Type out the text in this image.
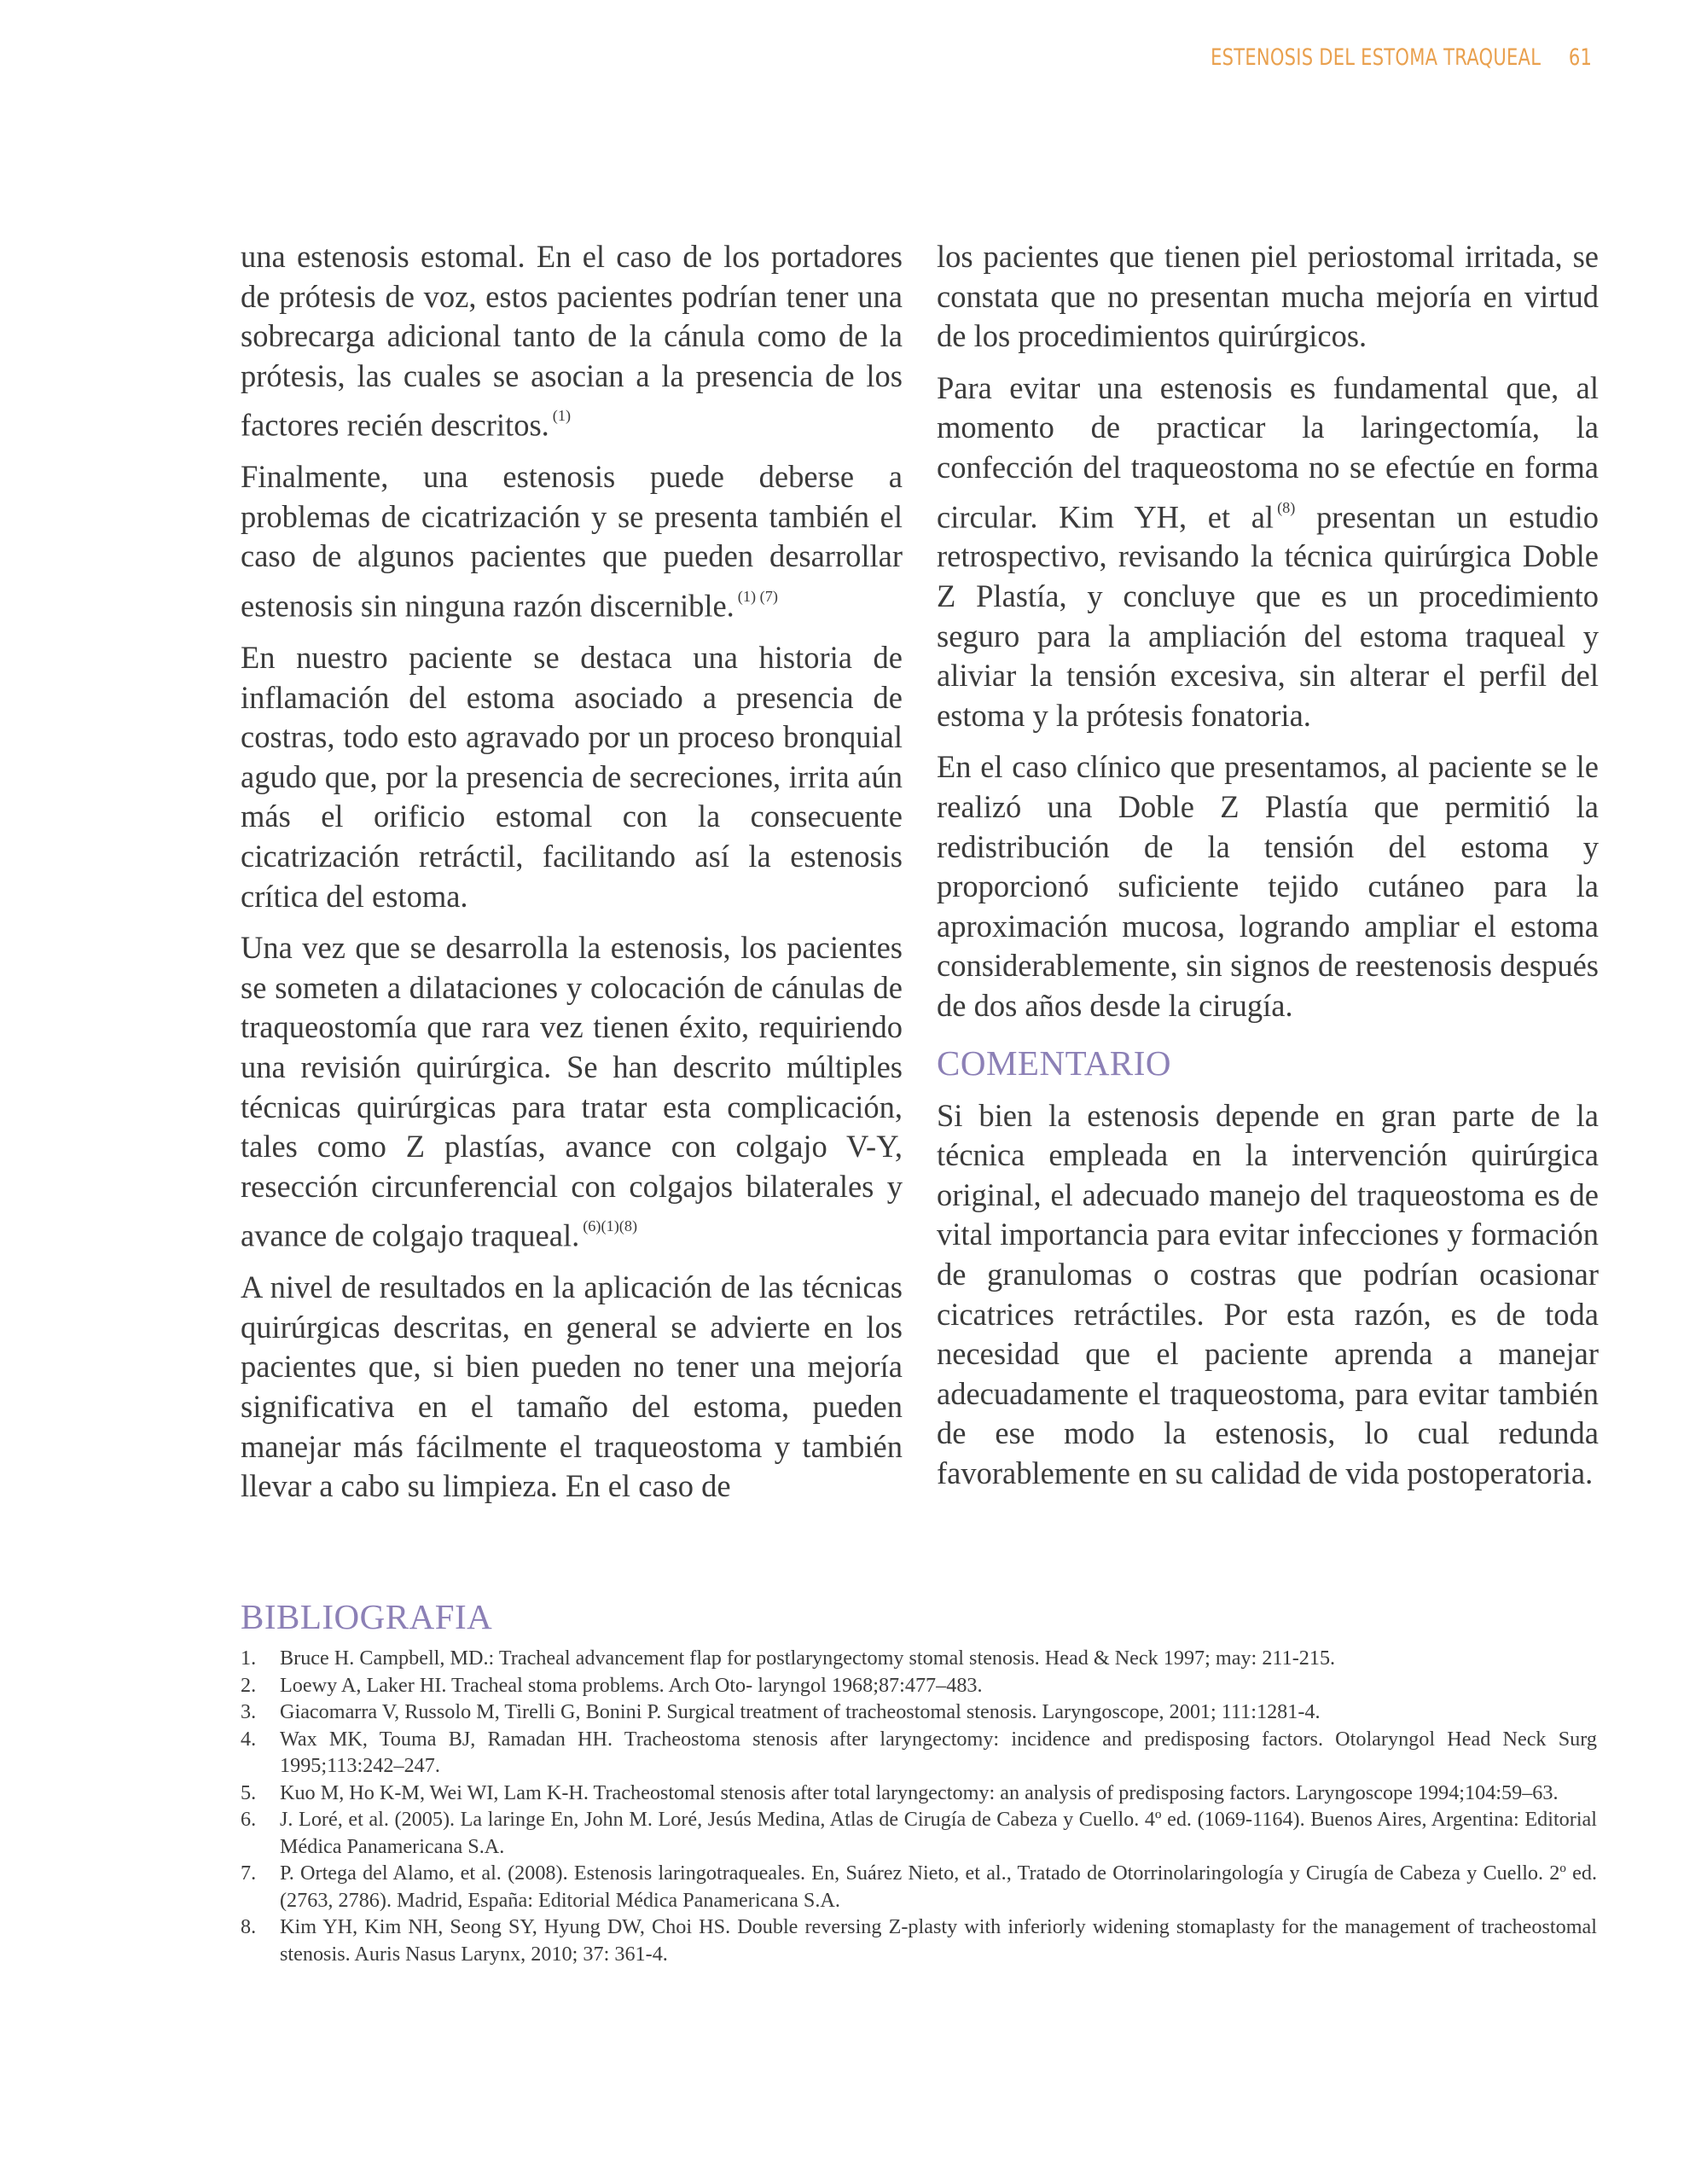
ESTENOSIS DEL ESTOMA TRAQUEAL 61

una estenosis estomal. En el caso de los portadores de prótesis de voz, estos pacientes podrían tener una sobrecarga adicional tanto de la cánula como de la prótesis, las cuales se asocian a la presencia de los factores recién descritos. $^{(1)}$

Finalmente, una estenosis puede deberse a problemas de cicatrización y se presenta también el caso de algunos pacientes que pueden desarrollar estenosis sin ninguna razón discernible. $^{(1) (7)}$

En nuestro paciente se destaca una historia de inflamación del estoma asociado a presencia de costras, todo esto agravado por un proceso bronquial agudo que, por la presencia de secreciones, irrita aún más el orificio estomal con la consecuente cicatrización retráctil, facilitando así la estenosis crítica del estoma.

Una vez que se desarrolla la estenosis, los pacientes se someten a dilataciones y colocación de cánulas de traqueostomía que rara vez tienen éxito, requiriendo una revisión quirúrgica. Se han descrito múltiples técnicas quirúrgicas para tratar esta complicación, tales como Z plastías, avance con colgajo V-Y, resección circunferencial con colgajos bilaterales y avance de colgajo traqueal. $^{(6)(1)(8)}$

A nivel de resultados en la aplicación de las técnicas quirúrgicas descritas, en general se advierte en los pacientes que, si bien pueden no tener una mejoría significativa en el tamaño del estoma, pueden manejar más fácilmente el traqueostoma y también llevar a cabo su limpieza. En el caso de

los pacientes que tienen piel periostomal irritada, se constata que no presentan mucha mejoría en virtud de los procedimientos quirúrgicos.

Para evitar una estenosis es fundamental que, al momento de practicar la laringectomía, la confección del traqueostoma no se efectúe en forma circular. Kim YH, et al $^{(8)}$ presentan un estudio retrospectivo, revisando la técnica quirúrgica Doble Z Plastía, y concluye que es un procedimiento seguro para la ampliación del estoma traqueal y aliviar la tensión excesiva, sin alterar el perfil del estoma y la prótesis fonatoria.

En el caso clínico que presentamos, al paciente se le realizó una Doble Z Plastía que permitió la redistribución de la tensión del estoma y proporcionó suficiente tejido cutáneo para la aproximación mucosa, logrando ampliar el estoma considerablemente, sin signos de reestenosis después de dos años desde la cirugía.

COMENTARIO

Si bien la estenosis depende en gran parte de la técnica empleada en la intervención quirúrgica original, el adecuado manejo del traqueostoma es de vital importancia para evitar infecciones y formación de granulomas o costras que podrían ocasionar cicatrices retráctiles. Por esta razón, es de toda necesidad que el paciente aprenda a manejar adecuadamente el traqueostoma, para evitar también de ese modo la estenosis, lo cual redunda favorablemente en su calidad de vida postoperatoria.

BIBLIOGRAFIA
1. Bruce H. Campbell, MD.: Tracheal advancement flap for postlaryngectomy stomal stenosis. Head & Neck 1997; may: 211-215.
2. Loewy A, Laker HI. Tracheal stoma problems. Arch Oto- laryngol 1968;87:477–483.
3. Giacomarra V, Russolo M, Tirelli G, Bonini P. Surgical treatment of tracheostomal stenosis. Laryngoscope, 2001; 111:1281-4.
4. Wax MK, Touma BJ, Ramadan HH. Tracheostoma stenosis after laryngectomy: incidence and predisposing factors. Otolaryngol Head Neck Surg 1995;113:242–247.
5. Kuo M, Ho K-M, Wei WI, Lam K-H. Tracheostomal stenosis after total laryngectomy: an analysis of predisposing factors. Laryngoscope 1994;104:59–63.
6. J. Loré, et al. (2005). La laringe En, John M. Loré, Jesús Medina, Atlas de Cirugía de Cabeza y Cuello. 4º ed. (1069-1164). Buenos Aires, Argentina: Editorial Médica Panamericana S.A.
7. P. Ortega del Alamo, et al. (2008). Estenosis laringotraqueales. En, Suárez Nieto, et al., Tratado de Otorrinolaringología y Cirugía de Cabeza y Cuello. 2º ed. (2763, 2786). Madrid, España: Editorial Médica Panamericana S.A.
8. Kim YH, Kim NH, Seong SY, Hyung DW, Choi HS. Double reversing Z-plasty with inferiorly widening stomaplasty for the management of tracheostomal stenosis. Auris Nasus Larynx, 2010; 37: 361-4.
